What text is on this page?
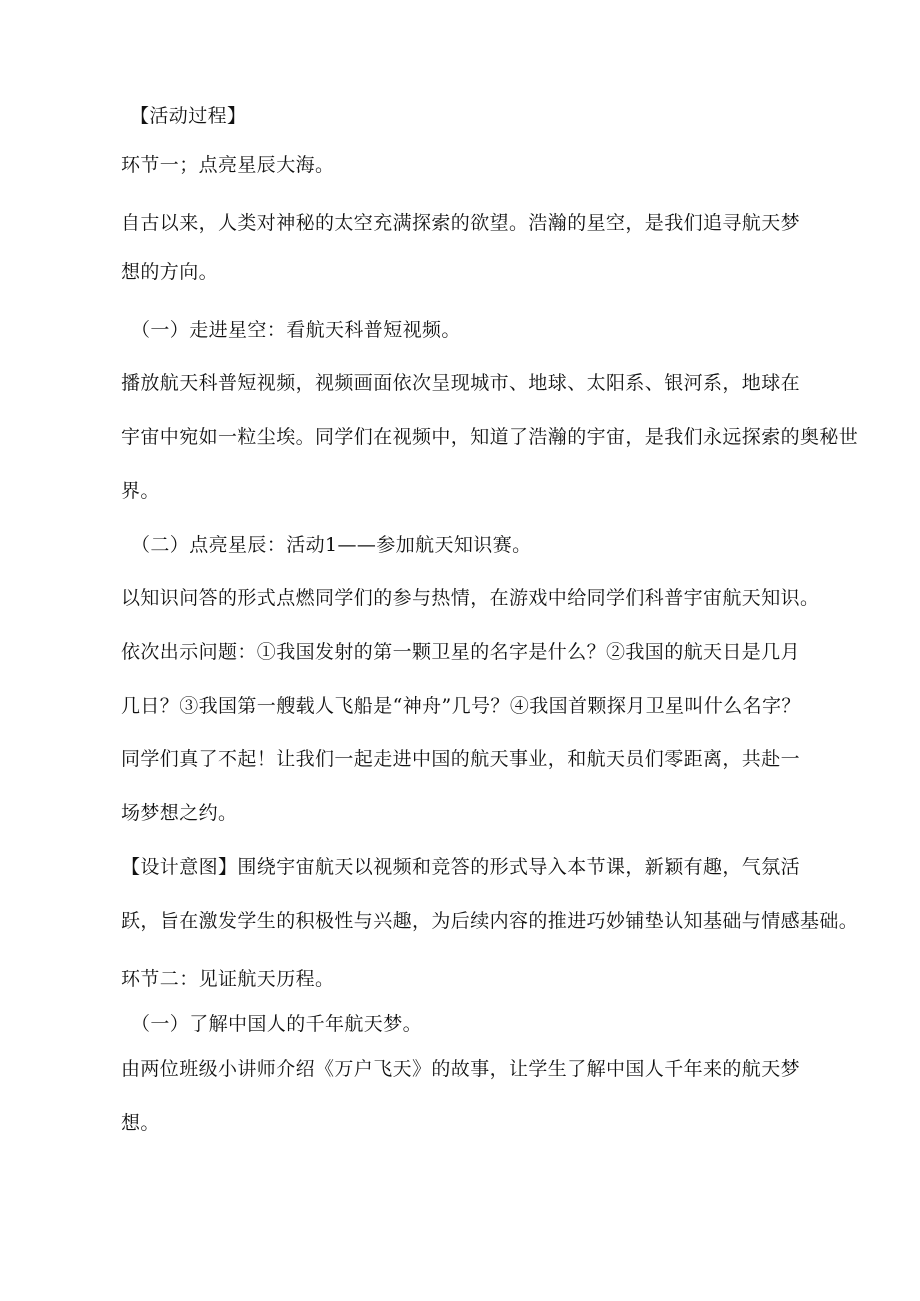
【活动过程】
环节一；点亮星辰大海。
自古以来，人类对神秘的太空充满探索的欲望。浩瀚的星空，是我们追寻航天梦
想的方向。
（一）走进星空：看航天科普短视频。
播放航天科普短视频，视频画面依次呈现城市、地球、太阳系、银河系，地球在
宇宙中宛如一粒尘埃。同学们在视频中，知道了浩瀚的宇宙，是我们永远探索的奥秘世
界。
（二）点亮星辰：活动1——参加航天知识赛。
以知识问答的形式点燃同学们的参与热情，在游戏中给同学们科普宇宙航天知识。
依次出示问题：①我国发射的第一颗卫星的名字是什么？②我国的航天日是几月
几日？③我国第一艘载人飞船是“神舟”几号？④我国首颗探月卫星叫什么名字？
同学们真了不起！让我们一起走进中国的航天事业，和航天员们零距离，共赴一
场梦想之约。
【设计意图】围绕宇宙航天以视频和竞答的形式导入本节课，新颖有趣，气氛活
跃，旨在激发学生的积极性与兴趣，为后续内容的推进巧妙铺垫认知基础与情感基础。
环节二：见证航天历程。
（一）了解中国人的千年航天梦。
由两位班级小讲师介绍《万户飞天》的故事，让学生了解中国人千年来的航天梦
想。
